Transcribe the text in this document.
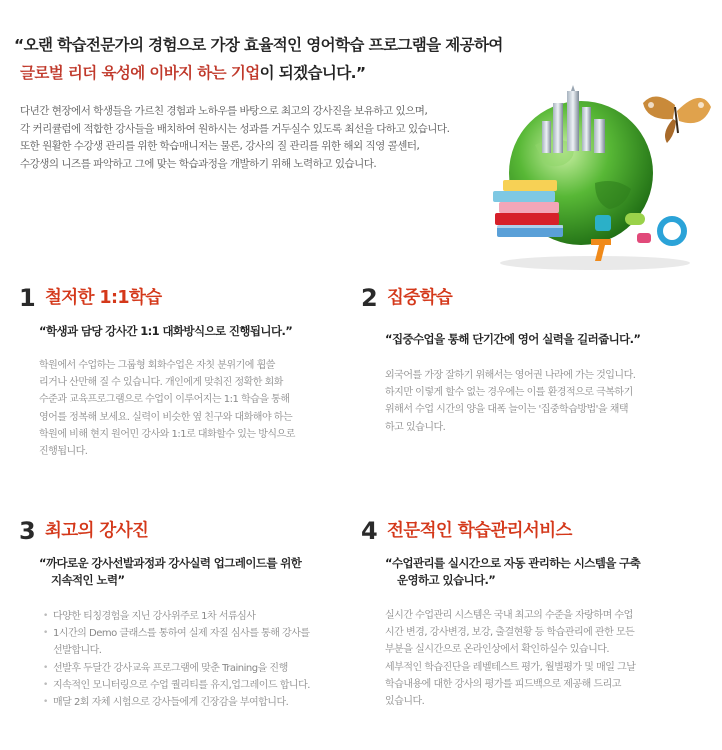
“오랜 학습전문가의 경험으로 가장 효율적인 영어학습 프로그램을 제공하여
글로벌 리더 육성에 이바지 하는 기업이 되겠습니다.”

다년간 현장에서 학생들을 가르친 경험과 노하우를 바탕으로 최고의 강사진을 보유하고 있으며,

각 커리큘럼에 적합한 강사들을 배치하여 원하시는 성과를 거두실수 있도록 최선을 다하고 있습니다.

또한 원활한 수강생 관리를 위한 학습매니저는 물론, 강사의 질 관리를 위한 해외 직영 콜센터,

수강생의 니즈를 파악하고 그에 맞는 학습과정을 개발하기 위해 노력하고 있습니다.

1 철저한 1:1학습

“학생과 담당 강사간 1:1 대화방식으로 진행됩니다.”

학원에서 수업하는 그룹형 회화수업은 자칫 분위기에 휩쓸

리거나 산만해 질 수 있습니다. 개인에게 맞춰진 정확한 회화

수준과 교육프로그램으로 수업이 이루어지는 1:1 학습을 통해

영어를 정복해 보세요. 실력이 비슷한 옆 친구와 대화해야 하는

학원에 비해 현지 원어민 강사와 1:1로 대화할수 있는 방식으로

진행됩니다.

2 집중학습

“집중수업을 통해 단기간에 영어 실력을 길러줍니다.”

외국어를 가장 잘하기 위해서는 영어권 나라에 가는 것입니다.

하지만 이렇게 할수 없는 경우에는 이를 환경적으로 극복하기

위해서 수업 시간의 양을 대폭 늘이는 '집중학습방법'을 채택

하고 있습니다.

3 최고의 강사진

“까다로운 강사선발과정과 강사실력 업그레이드를 위한

지속적인 노력”

• 다양한 티칭경험을 지닌 강사위주로 1차 서류심사
• 1시간의 Demo 클래스를 통하여 실제 자질 심사를 통해 강사를
선발합니다.
• 선발후 두달간 강사교육 프로그램에 맞춘 Training을 진행
• 지속적인 모니터링으로 수업 퀄리티를 유지,업그레이드 합니다.
• 매달 2회 자체 시험으로 강사들에게 긴장감을 부여합니다.
4 전문적인 학습관리서비스

“수업관리를 실시간으로 자동 관리하는 시스템을 구축

운영하고 있습니다.”

실시간 수업관리 시스템은 국내 최고의 수준을 자랑하며 수업

시간 변경, 강사변경, 보강, 출결현황 등 학습관리에 관한 모든

부분을 실시간으로 온라인상에서 확인하실수 있습니다.

세부적인 학습진단을 레벨테스트 평가, 월별평가 및 매일 그날

학습내용에 대한 강사의 평가를 피드백으로 제공해 드리고

있습니다.
